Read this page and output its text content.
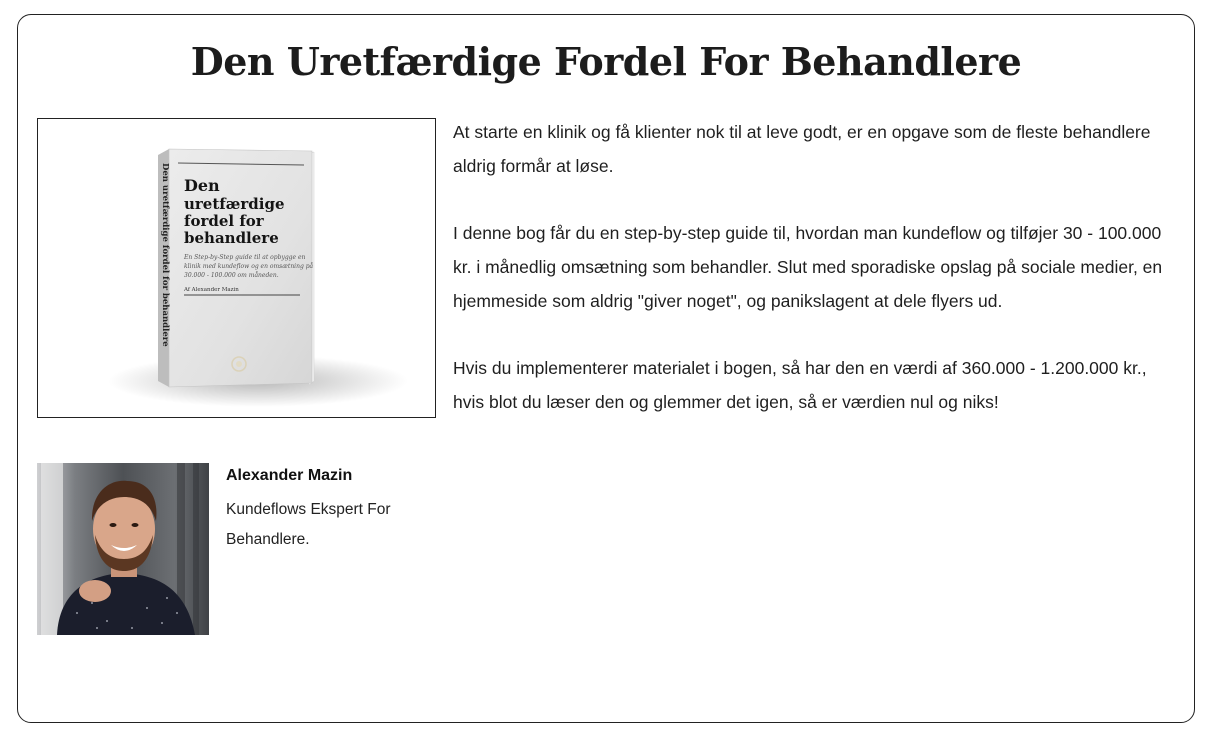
Den Uretfærdige Fordel For Behandlere
Den
uretfærdige
fordel for
behandlere
En Step-by-Step guide til at opbygge en
klinik med kundeflow og en omsætning på
30.000 - 100.000 om måneden.
Af Alexander Mazin
Den uretfærdige fordel for behandlere

At starte en klinik og få klienter nok til at leve godt, er en opgave som de fleste behandlere aldrig formår at løse.

I denne bog får du en step-by-step guide til, hvordan man kundeflow og tilføjer 30 - 100.000 kr. i månedlig omsætning som behandler. Slut med sporadiske opslag på sociale medier, en hjemmeside som aldrig "giver noget", og panikslagent at dele flyers ud.

Hvis du implementerer materialet i bogen, så har den en værdi af 360.000 - 1.200.000 kr., hvis blot du læser den og glemmer det igen, så er værdien nul og niks!

Alexander Mazin
Kundeflows Ekspert For Behandlere.
